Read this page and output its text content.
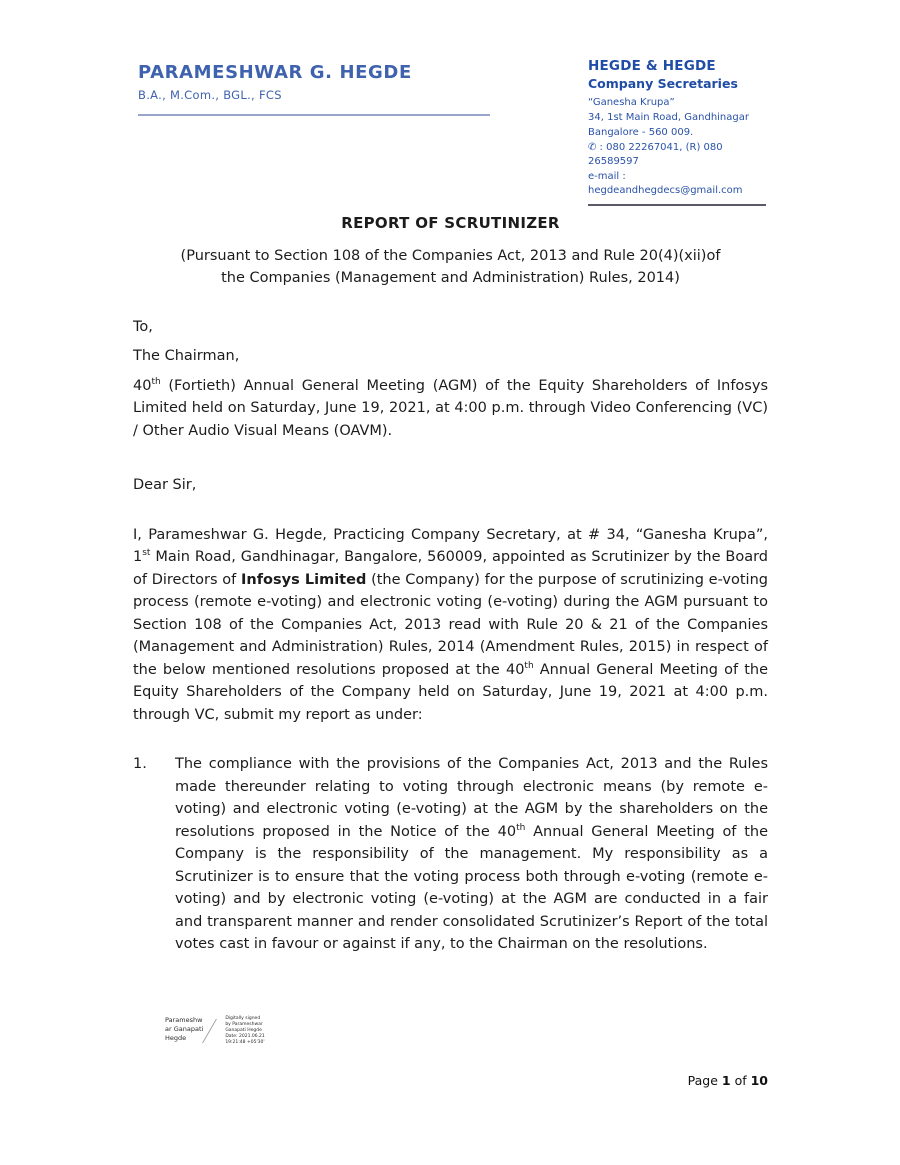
PARAMESHWAR G. HEGDE
B.A., M.Com., BGL., FCS
HEGDE & HEGDE
Company Secretaries
“Ganesha Krupa”
34, 1st Main Road, Gandhinagar
Bangalore - 560 009.
✆ : 080 22267041, (R) 080 26589597
e-mail : hegdeandhegdecs@gmail.com
REPORT OF SCRUTINIZER
(Pursuant to Section 108 of the Companies Act, 2013 and Rule 20(4)(xii)of
the Companies (Management and Administration) Rules, 2014)
To,
The Chairman,

40th (Fortieth) Annual General Meeting (AGM) of the Equity Shareholders of Infosys Limited held on Saturday, June 19, 2021, at 4:00 p.m. through Video Conferencing (VC) / Other Audio Visual Means (OAVM).

Dear Sir,

I, Parameshwar G. Hegde, Practicing Company Secretary, at # 34, “Ganesha Krupa”, 1st Main Road, Gandhinagar, Bangalore, 560009, appointed as Scrutinizer by the Board of Directors of Infosys Limited (the Company) for the purpose of scrutinizing e-voting process (remote e-voting) and electronic voting (e-voting) during the AGM pursuant to Section 108 of the Companies Act, 2013 read with Rule 20 & 21 of the Companies (Management and Administration) Rules, 2014 (Amendment Rules, 2015) in respect of the below mentioned resolutions proposed at the 40th Annual General Meeting of the Equity Shareholders of the Company held on Saturday, June 19, 2021 at 4:00 p.m. through VC, submit my report as under:

1.	The compliance with the provisions of the Companies Act, 2013 and the Rules made thereunder relating to voting through electronic means (by remote e-voting) and electronic voting (e-voting) at the AGM by the shareholders on the resolutions proposed in the Notice of the 40th Annual General Meeting of the Company is the responsibility of the management. My responsibility as a Scrutinizer is to ensure that the voting process both through e-voting (remote e-voting) and by electronic voting (e-voting) at the AGM are conducted in a fair and transparent manner and render consolidated Scrutinizer’s Report of the total votes cast in favour or against if any, to the Chairman on the resolutions.

Parameshw
ar Ganapati
Hegde
Digitally signed
by Parameshwar
Ganapati Hegde
Date: 2021.06.21
19:21:48 +05'30'
Page 1 of 10
